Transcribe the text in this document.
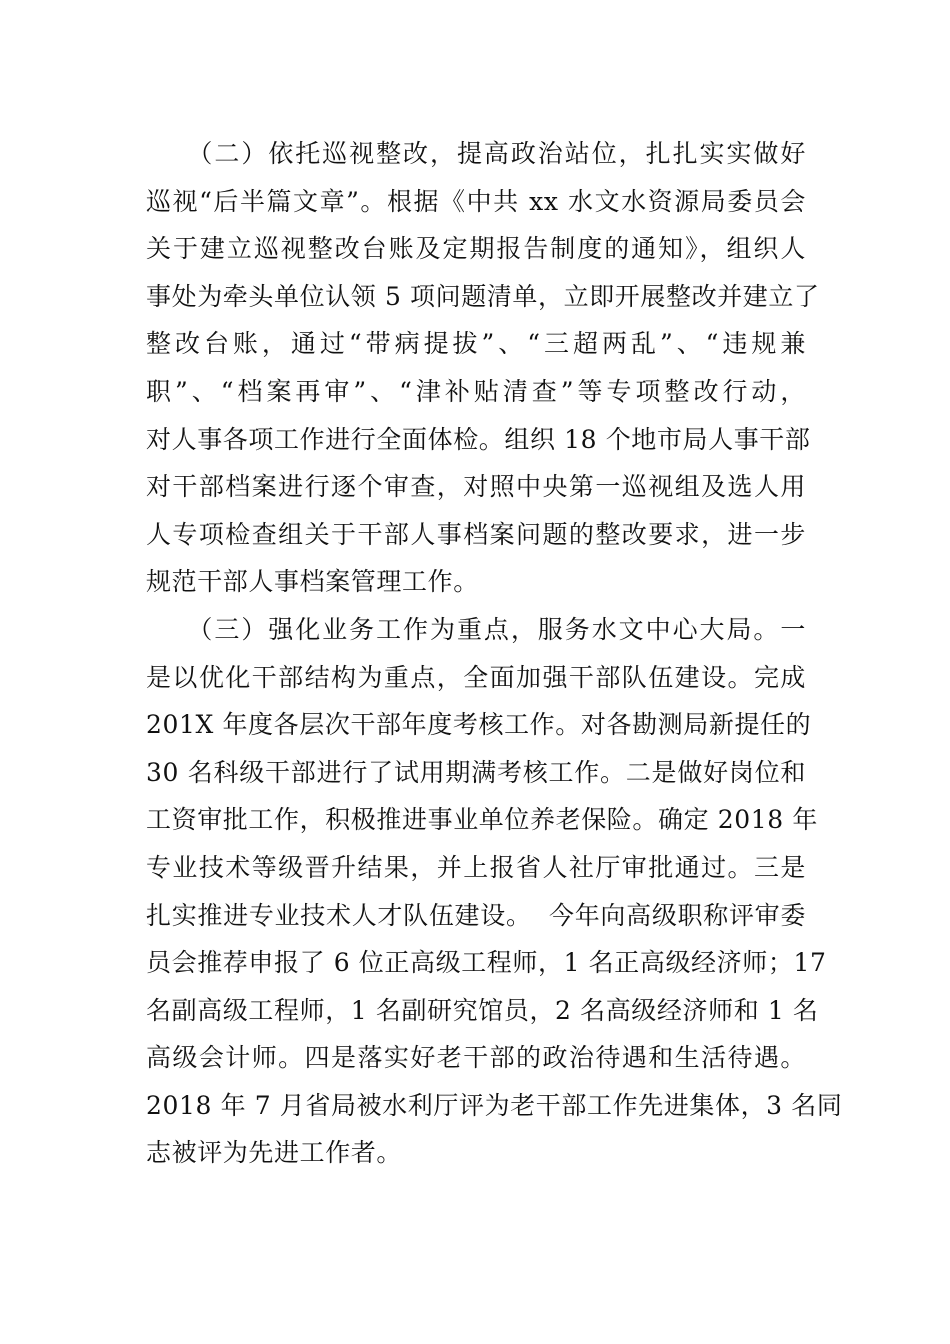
　　（二）依托巡视整改，提高政治站位，扎扎实实做好
巡视“后半篇文章”。根据《中共 xx 水文水资源局委员会
关于建立巡视整改台账及定期报告制度的通知》，组织人
事处为牵头单位认领 5 项问题清单，立即开展整改并建立了
整改台账，通过“带病提拔”、“三超两乱”、“违规兼
职”、“档案再审”、“津补贴清查”等专项整改行动，
对人事各项工作进行全面体检。组织 18 个地市局人事干部
对干部档案进行逐个审查，对照中央第一巡视组及选人用
人专项检查组关于干部人事档案问题的整改要求，进一步
规范干部人事档案管理工作。
　　（三）强化业务工作为重点，服务水文中心大局。一
是以优化干部结构为重点，全面加强干部队伍建设。完成
201X 年度各层次干部年度考核工作。对各勘测局新提任的
30 名科级干部进行了试用期满考核工作。二是做好岗位和
工资审批工作，积极推进事业单位养老保险。确定 2018 年
专业技术等级晋升结果，并上报省人社厅审批通过。三是
扎实推进专业技术人才队伍建设。  今年向高级职称评审委
员会推荐申报了 6 位正高级工程师，1 名正高级经济师；17
名副高级工程师，1 名副研究馆员，2 名高级经济师和 1 名
高级会计师。四是落实好老干部的政治待遇和生活待遇。
2018 年 7 月省局被水利厅评为老干部工作先进集体，3 名同
志被评为先进工作者。
